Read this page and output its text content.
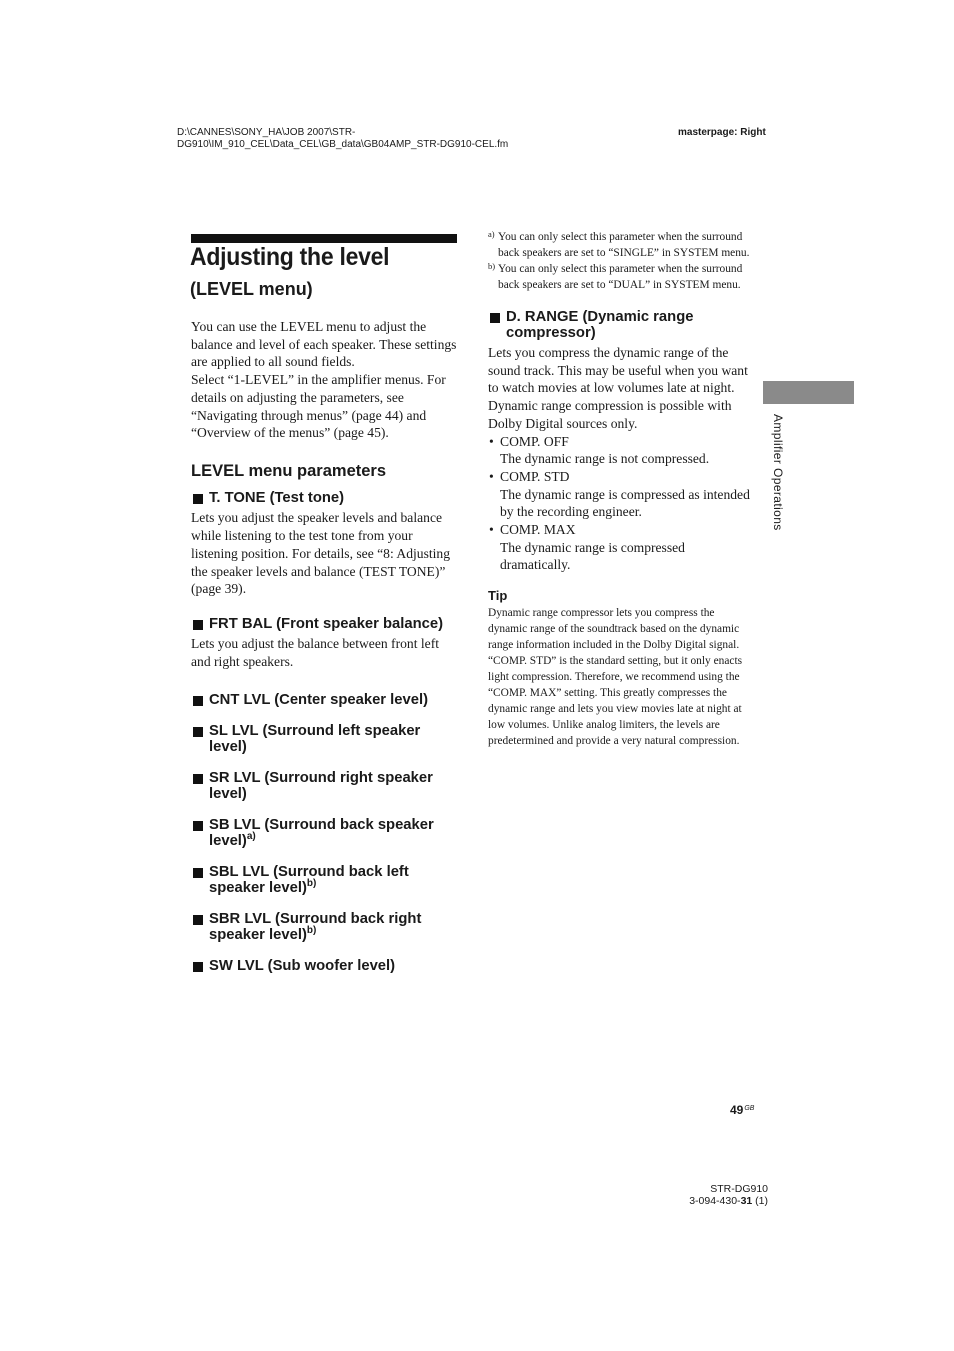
D:\CANNES\SONY_HA\JOB 2007\STR-
DG910\IM_910_CEL\Data_CEL\GB_data\GB04AMP_STR-DG910-CEL.fm
masterpage: Right
Adjusting the level
(LEVEL menu)

You can use the LEVEL menu to adjust the balance and level of each speaker. These settings are applied to all sound fields.

Select “1-LEVEL” in the amplifier menus. For details on adjusting the parameters, see “Navigating through menus” (page 44) and “Overview of the menus” (page 45).

LEVEL menu parameters
T. TONE (Test tone)

Lets you adjust the speaker levels and balance while listening to the test tone from your listening position. For details, see “8: Adjusting the speaker levels and balance (TEST TONE)” (page 39).

FRT BAL (Front speaker balance)

Lets you adjust the balance between front left and right speakers.

CNT LVL (Center speaker level)
SL LVL (Surround left speaker level)
SR LVL (Surround right speaker level)
SB LVL (Surround back speaker level)$^{a)}$
SBL LVL (Surround back left speaker level)$^{b)}$
SBR LVL (Surround back right speaker level)$^{b)}$
SW LVL (Sub woofer level)

a) You can only select this parameter when the surround back speakers are set to “SINGLE” in SYSTEM menu.

b) You can only select this parameter when the surround back speakers are set to “DUAL” in SYSTEM menu.

D. RANGE (Dynamic range compressor)

Lets you compress the dynamic range of the sound track. This may be useful when you want to watch movies at low volumes late at night. Dynamic range compression is possible with Dolby Digital sources only.

• COMP. OFF

The dynamic range is not compressed.

• COMP. STD

The dynamic range is compressed as intended by the recording engineer.

• COMP. MAX

The dynamic range is compressed dramatically.

Tip

Dynamic range compressor lets you compress the dynamic range of the soundtrack based on the dynamic range information included in the Dolby Digital signal.

“COMP. STD” is the standard setting, but it only enacts light compression. Therefore, we recommend using the “COMP. MAX” setting. This greatly compresses the dynamic range and lets you view movies late at night at low volumes. Unlike analog limiters, the levels are predetermined and provide a very natural compression.

Amplifier Operations
$49^{GB}$
STR-DG910
3-094-430-31 (1)
